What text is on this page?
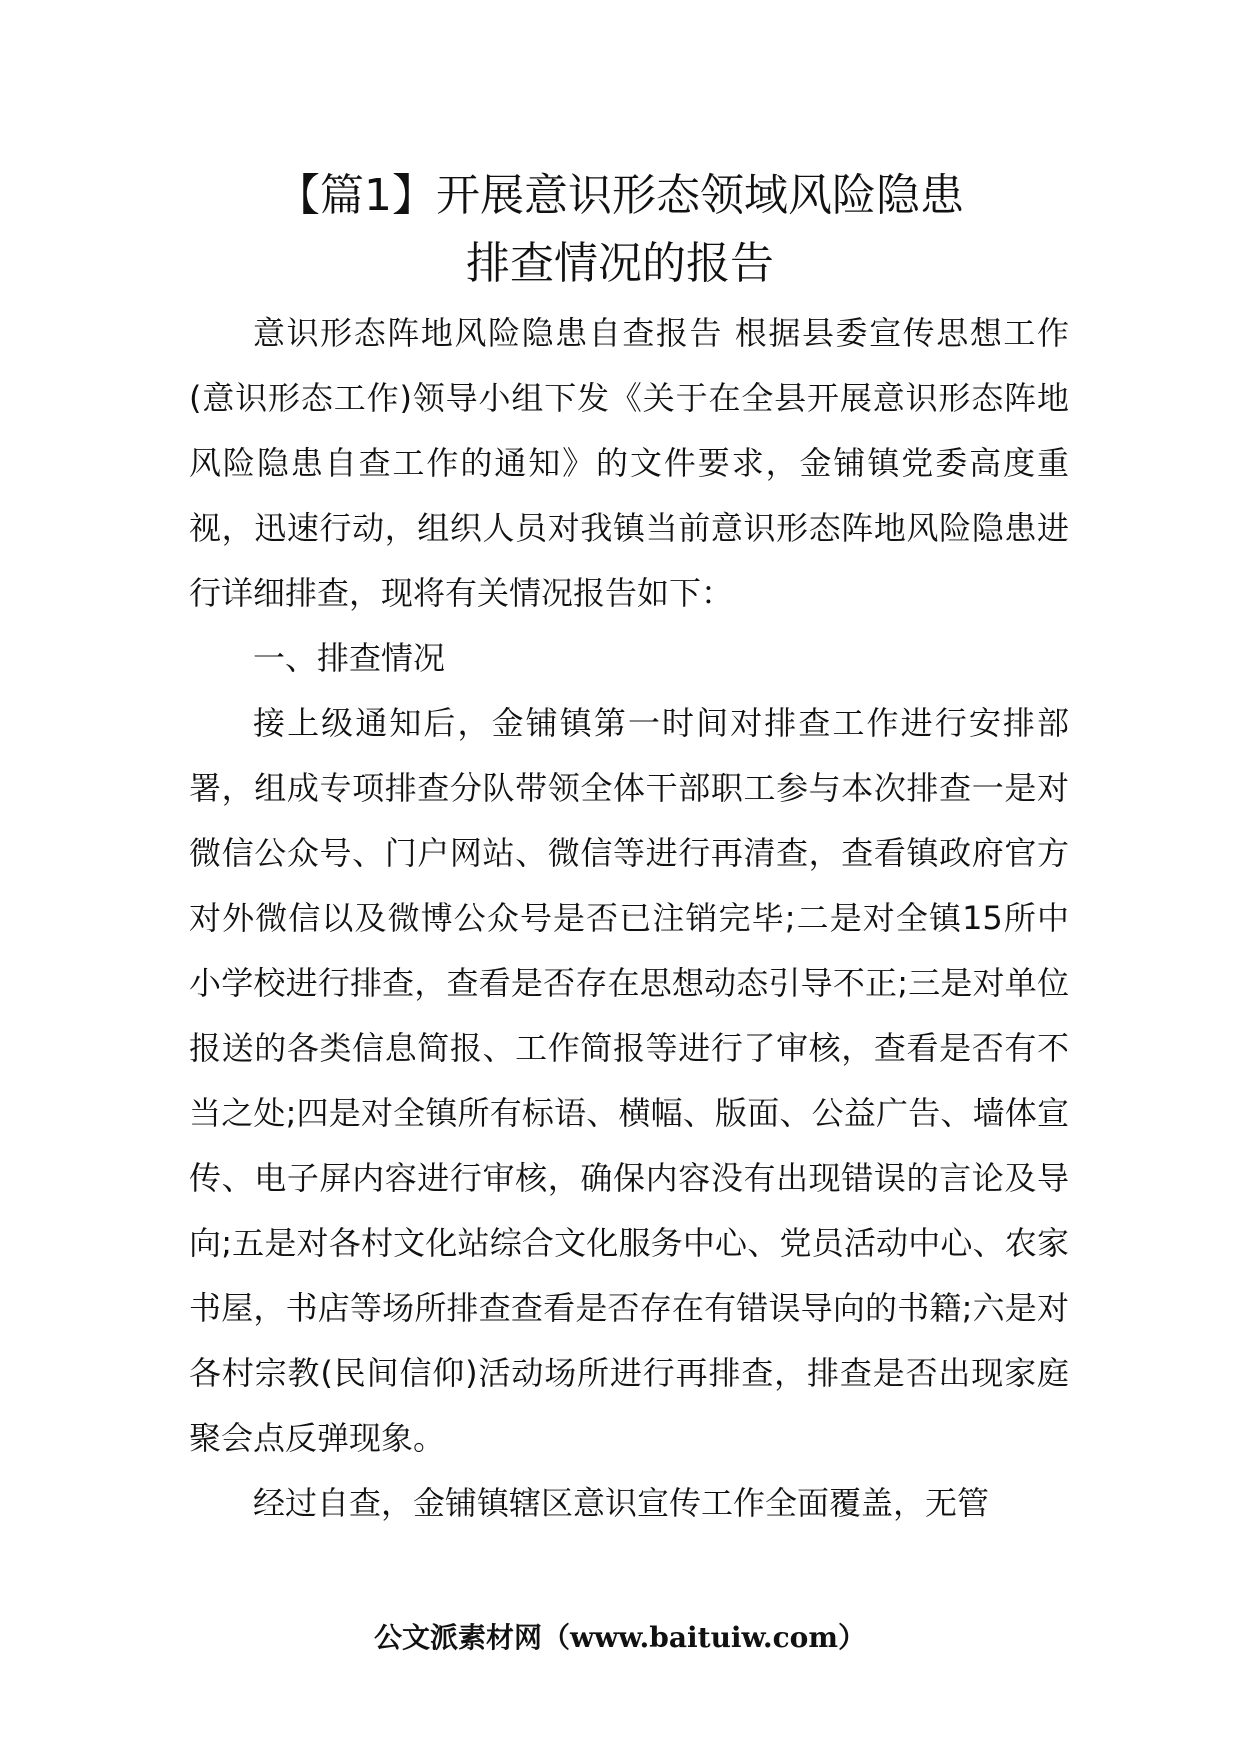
【篇1】开展意识形态领域风险隐患
排查情况的报告

意识形态阵地风险隐患自查报告 根据县委宣传思想工作(意识形态工作)领导小组下发《关于在全县开展意识形态阵地风险隐患自查工作的通知》的文件要求，金铺镇党委高度重视，迅速行动，组织人员对我镇当前意识形态阵地风险隐患进行详细排查，现将有关情况报告如下：

一、排查情况

接上级通知后，金铺镇第一时间对排查工作进行安排部署，组成专项排查分队带领全体干部职工参与本次排查一是对微信公众号、门户网站、微信等进行再清查，查看镇政府官方对外微信以及微博公众号是否已注销完毕;二是对全镇15所中小学校进行排查，查看是否存在思想动态引导不正;三是对单位报送的各类信息简报、工作简报等进行了审核，查看是否有不当之处;四是对全镇所有标语、横幅、版面、公益广告、墙体宣传、电子屏内容进行审核，确保内容没有出现错误的言论及导向;五是对各村文化站综合文化服务中心、党员活动中心、农家书屋，书店等场所排查查看是否存在有错误导向的书籍;六是对各村宗教(民间信仰)活动场所进行再排查，排查是否出现家庭聚会点反弹现象。

经过自查，金铺镇辖区意识宣传工作全面覆盖，无管

公文派素材网（www.baituiw.com）
